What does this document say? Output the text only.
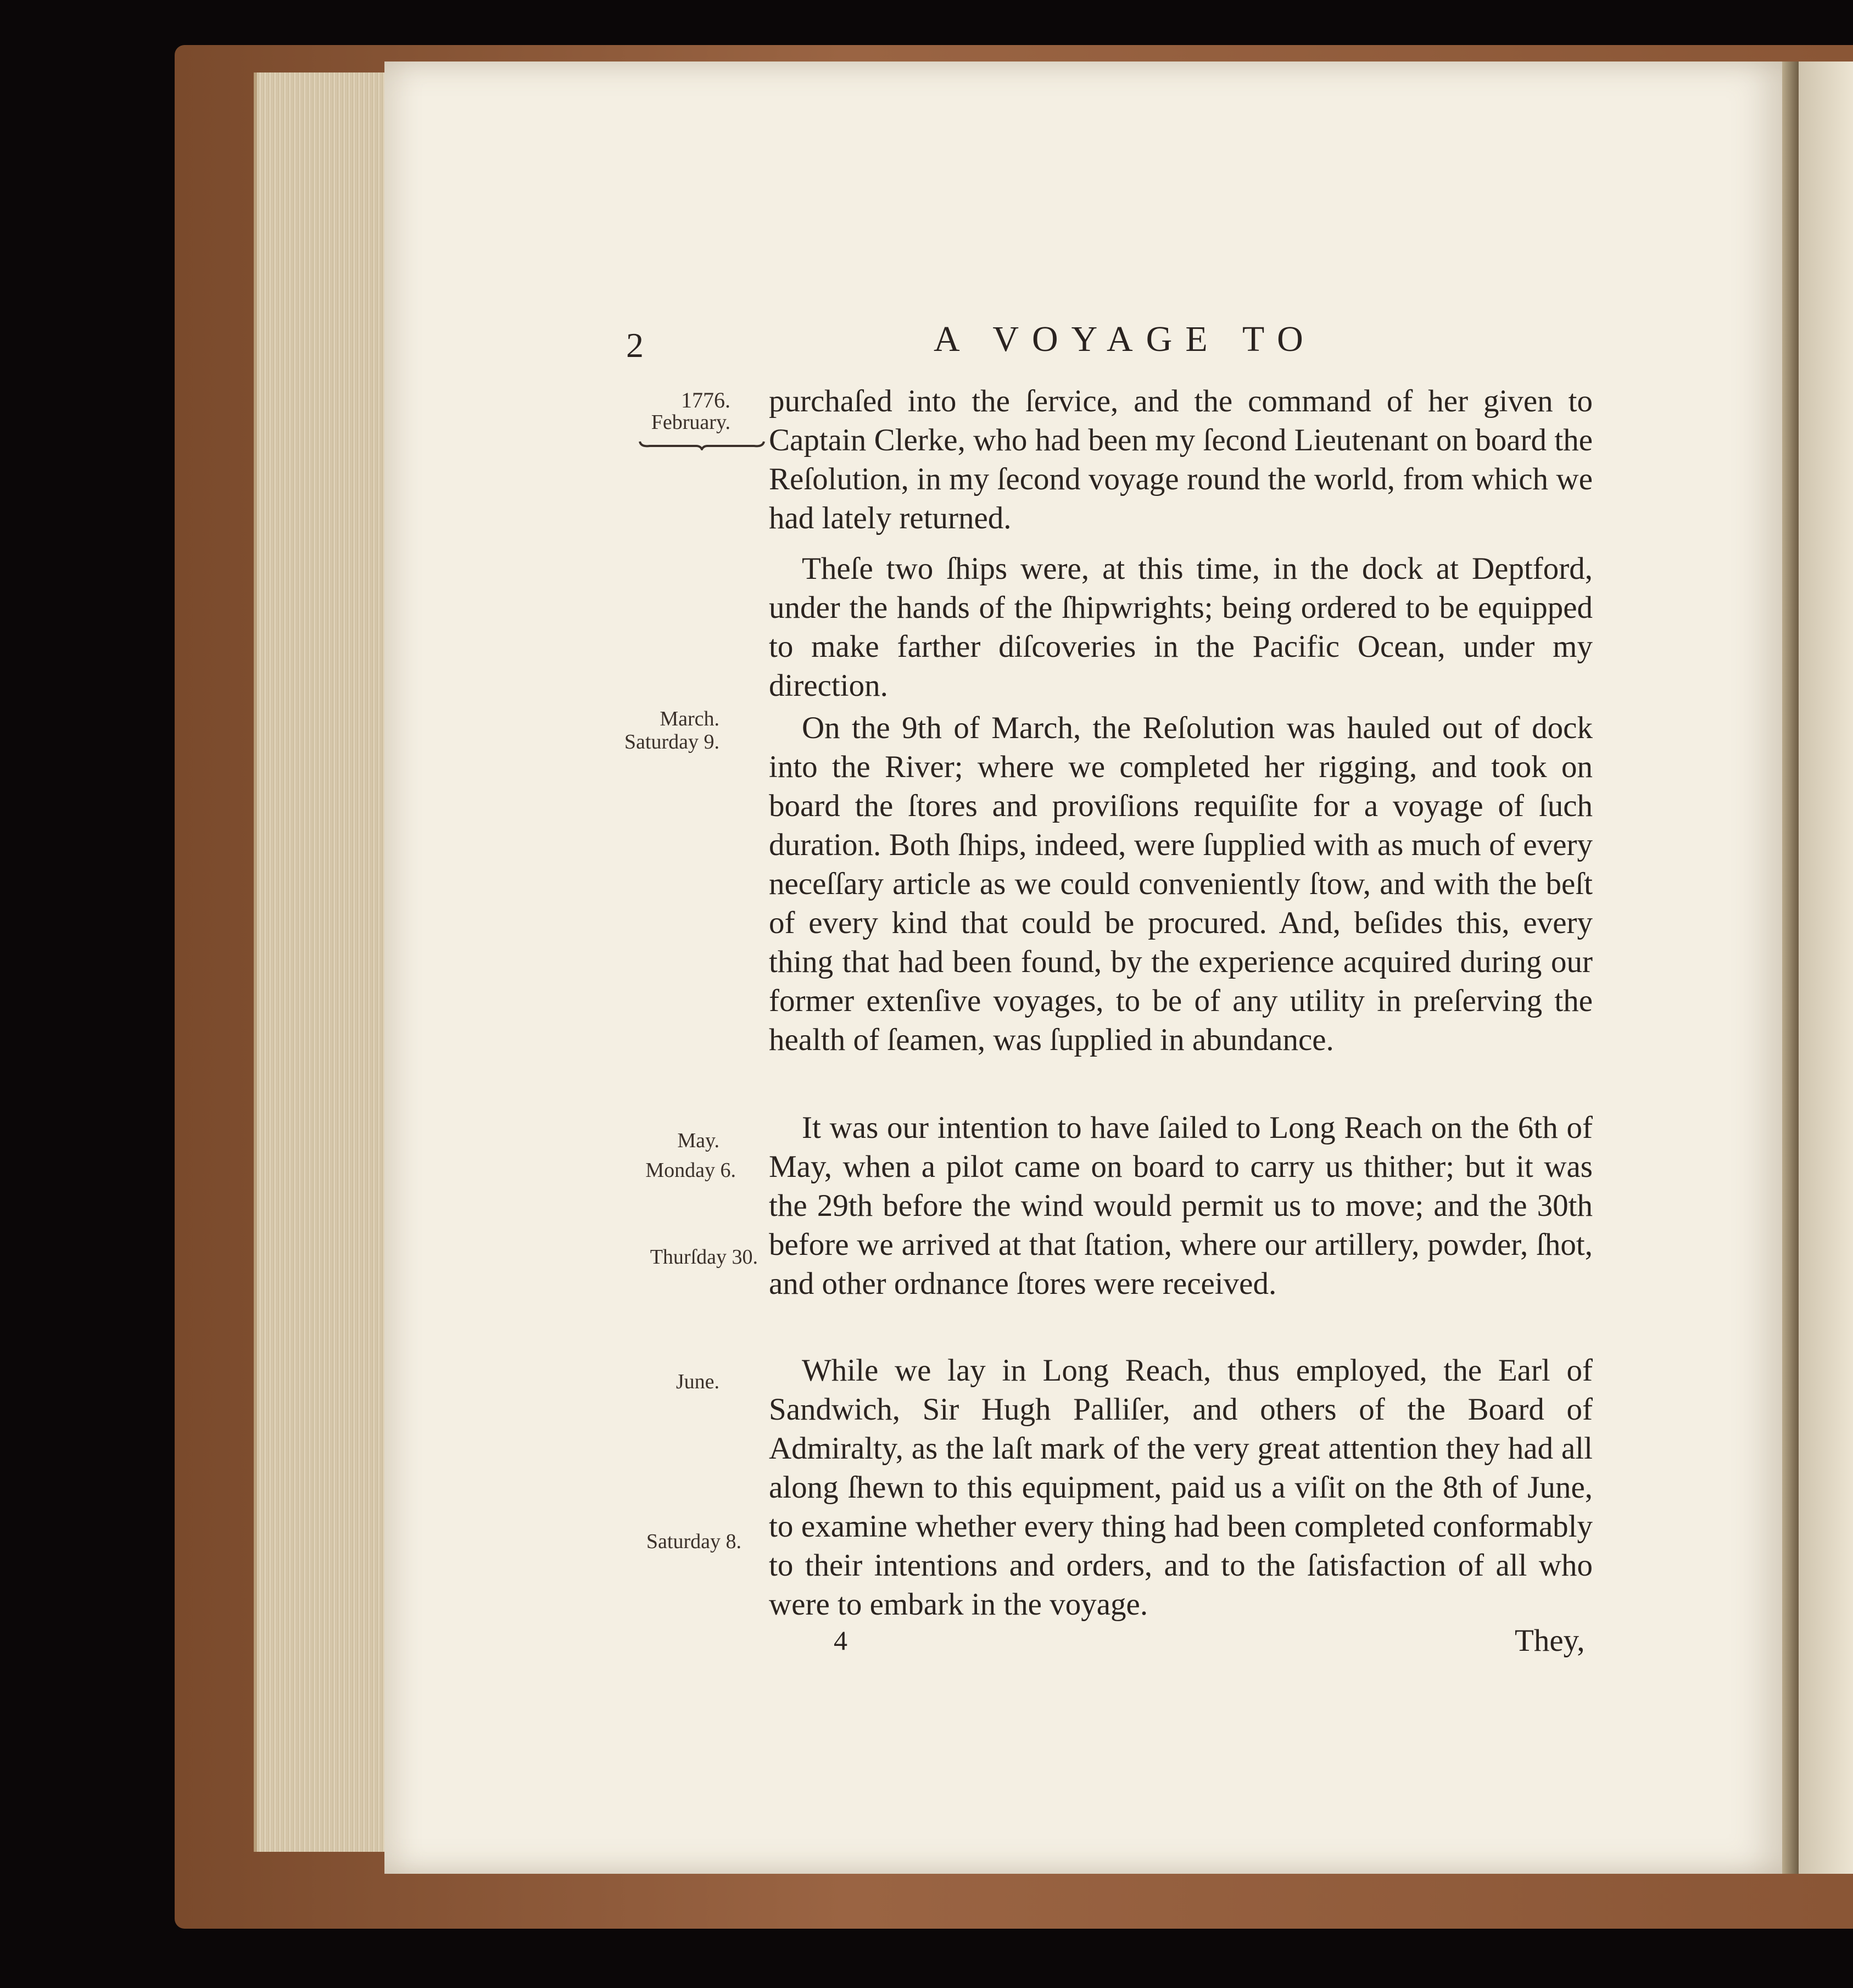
2	A VOYAGE TO
1776.
February.
March.
Saturday 9.
May.
Monday 6.
Thurſday 30.
June.
Saturday 8.

purchaſed into the ſervice, and the command of her given to Captain Clerke, who had been my ſecond Lieutenant on board the Reſolution, in my ſecond voyage round the world, from which we had lately returned.

Theſe two ſhips were, at this time, in the dock at Deptford, under the hands of the ſhipwrights; being ordered to be equipped to make farther diſcoveries in the Pacific Ocean, under my direction.

On the 9th of March, the Reſolution was hauled out of dock into the River; where we completed her rigging, and took on board the ſtores and proviſions requiſite for a voyage of ſuch duration. Both ſhips, indeed, were ſupplied with as much of every neceſſary article as we could conveniently ſtow, and with the beſt of every kind that could be procured. And, beſides this, every thing that had been found, by the experience acquired during our former extenſive voyages, to be of any utility in preſerving the health of ſeamen, was ſupplied in abundance.

It was our intention to have ſailed to Long Reach on the 6th of May, when a pilot came on board to carry us thither; but it was the 29th before the wind would permit us to move; and the 30th before we arrived at that ſtation, where our artillery, powder, ſhot, and other ordnance ſtores were received.

While we lay in Long Reach, thus employed, the Earl of Sandwich, Sir Hugh Palliſer, and others of the Board of Admiralty, as the laſt mark of the very great attention they had all along ſhewn to this equipment, paid us a viſit on the 8th of June, to examine whether every thing had been completed conformably to their intentions and orders, and to the ſatisfaction of all who were to embark in the voyage.

4	They,
